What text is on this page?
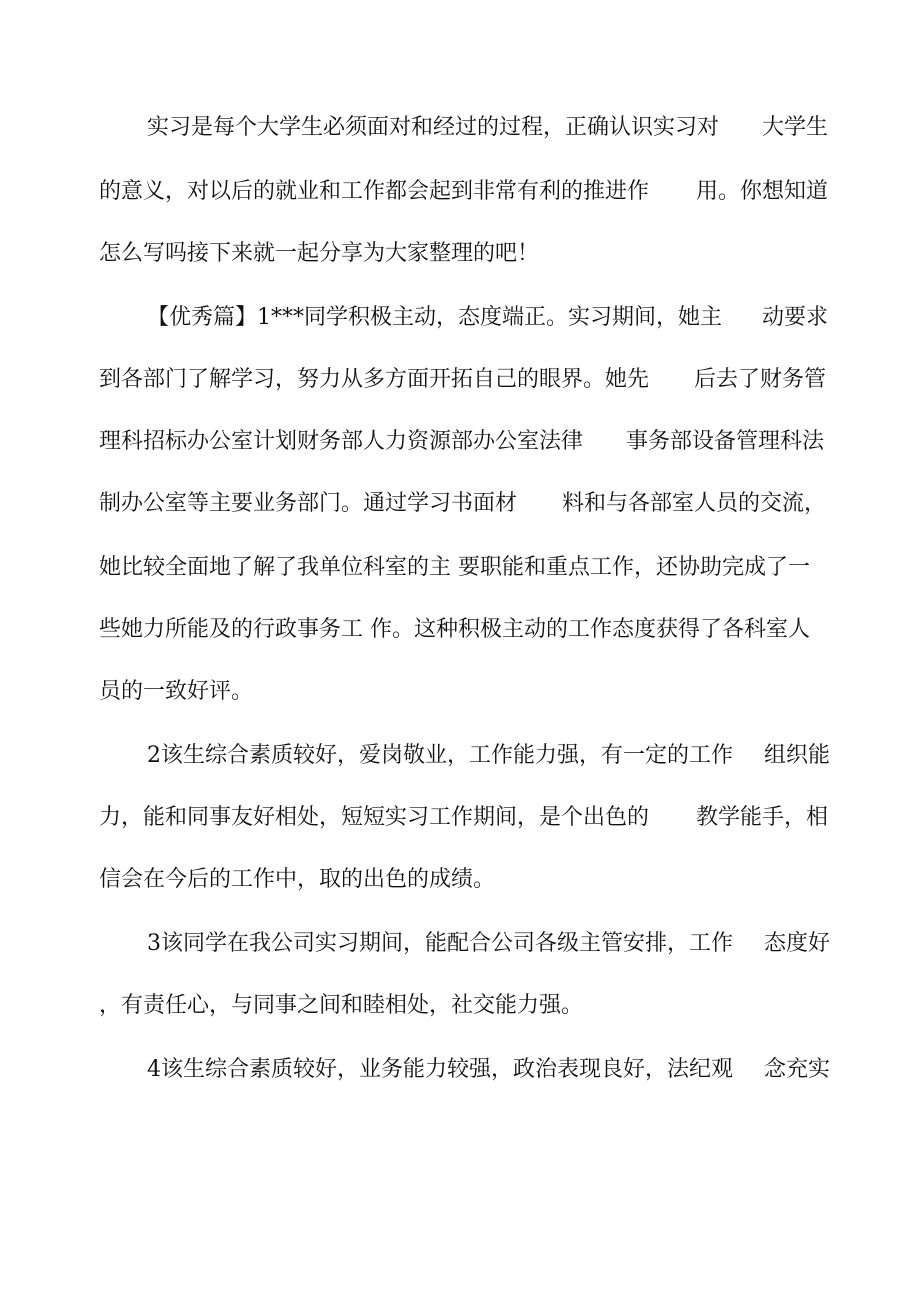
实习是每个大学生必须面对和经过的过程，正确认识实习对

大学生

的意义，对以后的就业和工作都会起到非常有利的推进作

用。你想知道

怎么写吗接下来就一起分享为大家整理的吧！

【优秀篇】1***同学积极主动，态度端正。实习期间，她主

动要求

到各部门了解学习，努力从多方面开拓自己的眼界。她先

后去了财务管

理科招标办公室计划财务部人力资源部办公室法律

事务部设备管理科法

制办公室等主要业务部门。通过学习书面材

料和与各部室人员的交流，

她比较全面地了解了我单位科室的主 要职能和重点工作，还协助完成了一

些她力所能及的行政事务工 作。这种积极主动的工作态度获得了各科室人

员的一致好评。

2该生综合素质较好，爱岗敬业，工作能力强，有一定的工作

组织能

力，能和同事友好相处，短短实习工作期间，是个出色的

教学能手，相

信会在今后的工作中，取的出色的成绩。

3该同学在我公司实习期间，能配合公司各级主管安排，工作

态度好

，有责任心，与同事之间和睦相处，社交能力强。

4该生综合素质较好，业务能力较强，政治表现良好，法纪观

念充实
